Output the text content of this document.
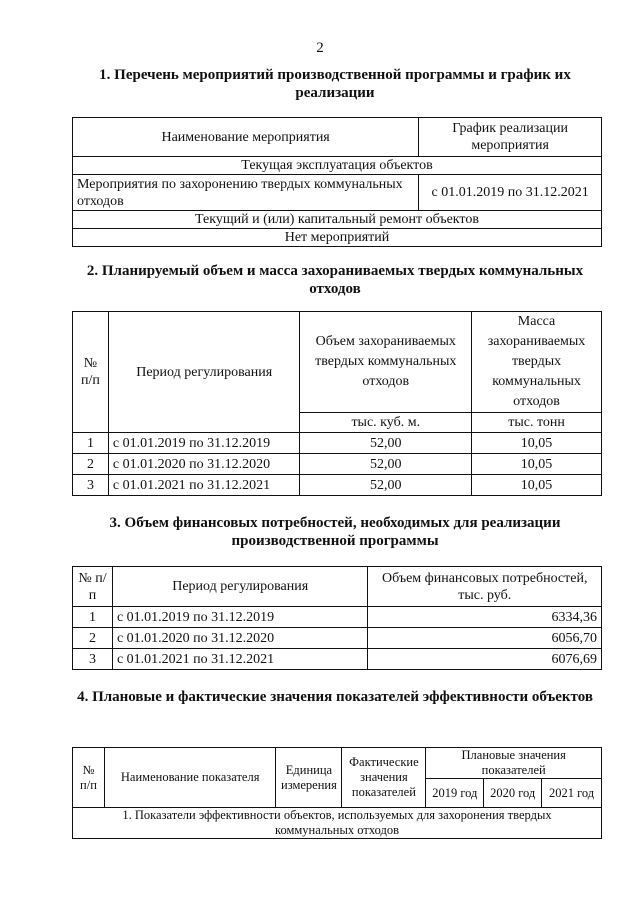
2
1. Перечень мероприятий производственной программы и график их реализации
Наименование мероприятия	График реализации мероприятия
Текущая эксплуатация объектов	
Мероприятия по захоронению твердых коммунальных отходов	с 01.01.2019 по 31.12.2021
Текущий и (или) капитальный ремонт объектов	
Нет мероприятий	
2. Планируемый объем и масса захораниваемых твердых коммунальных отходов
№ п/п	Период регулирования	Объем захораниваемых твердых коммунальных отходов	Масса захораниваемых твердых коммунальных отходов
		тыс. куб. м.	тыс. тонн
1	с 01.01.2019 по 31.12.2019	52,00	10,05
2	с 01.01.2020 по 31.12.2020	52,00	10,05
3	с 01.01.2021 по 31.12.2021	52,00	10,05
3. Объем финансовых потребностей, необходимых для реализации производственной программы
№ п/п	Период регулирования	Объем финансовых потребностей, тыс. руб.
1	с 01.01.2019 по 31.12.2019	6334,36
2	с 01.01.2020 по 31.12.2020	6056,70
3	с 01.01.2021 по 31.12.2021	6076,69
4. Плановые и фактические значения показателей эффективности объектов
№ п/п	Наименование показателя	Единица измерения	Фактические значения показателей	Плановые значения показателей		
				2019 год	2020 год	2021 год
1. Показатели эффективности объектов, используемых для захоронения твердых коммунальных отходов						
